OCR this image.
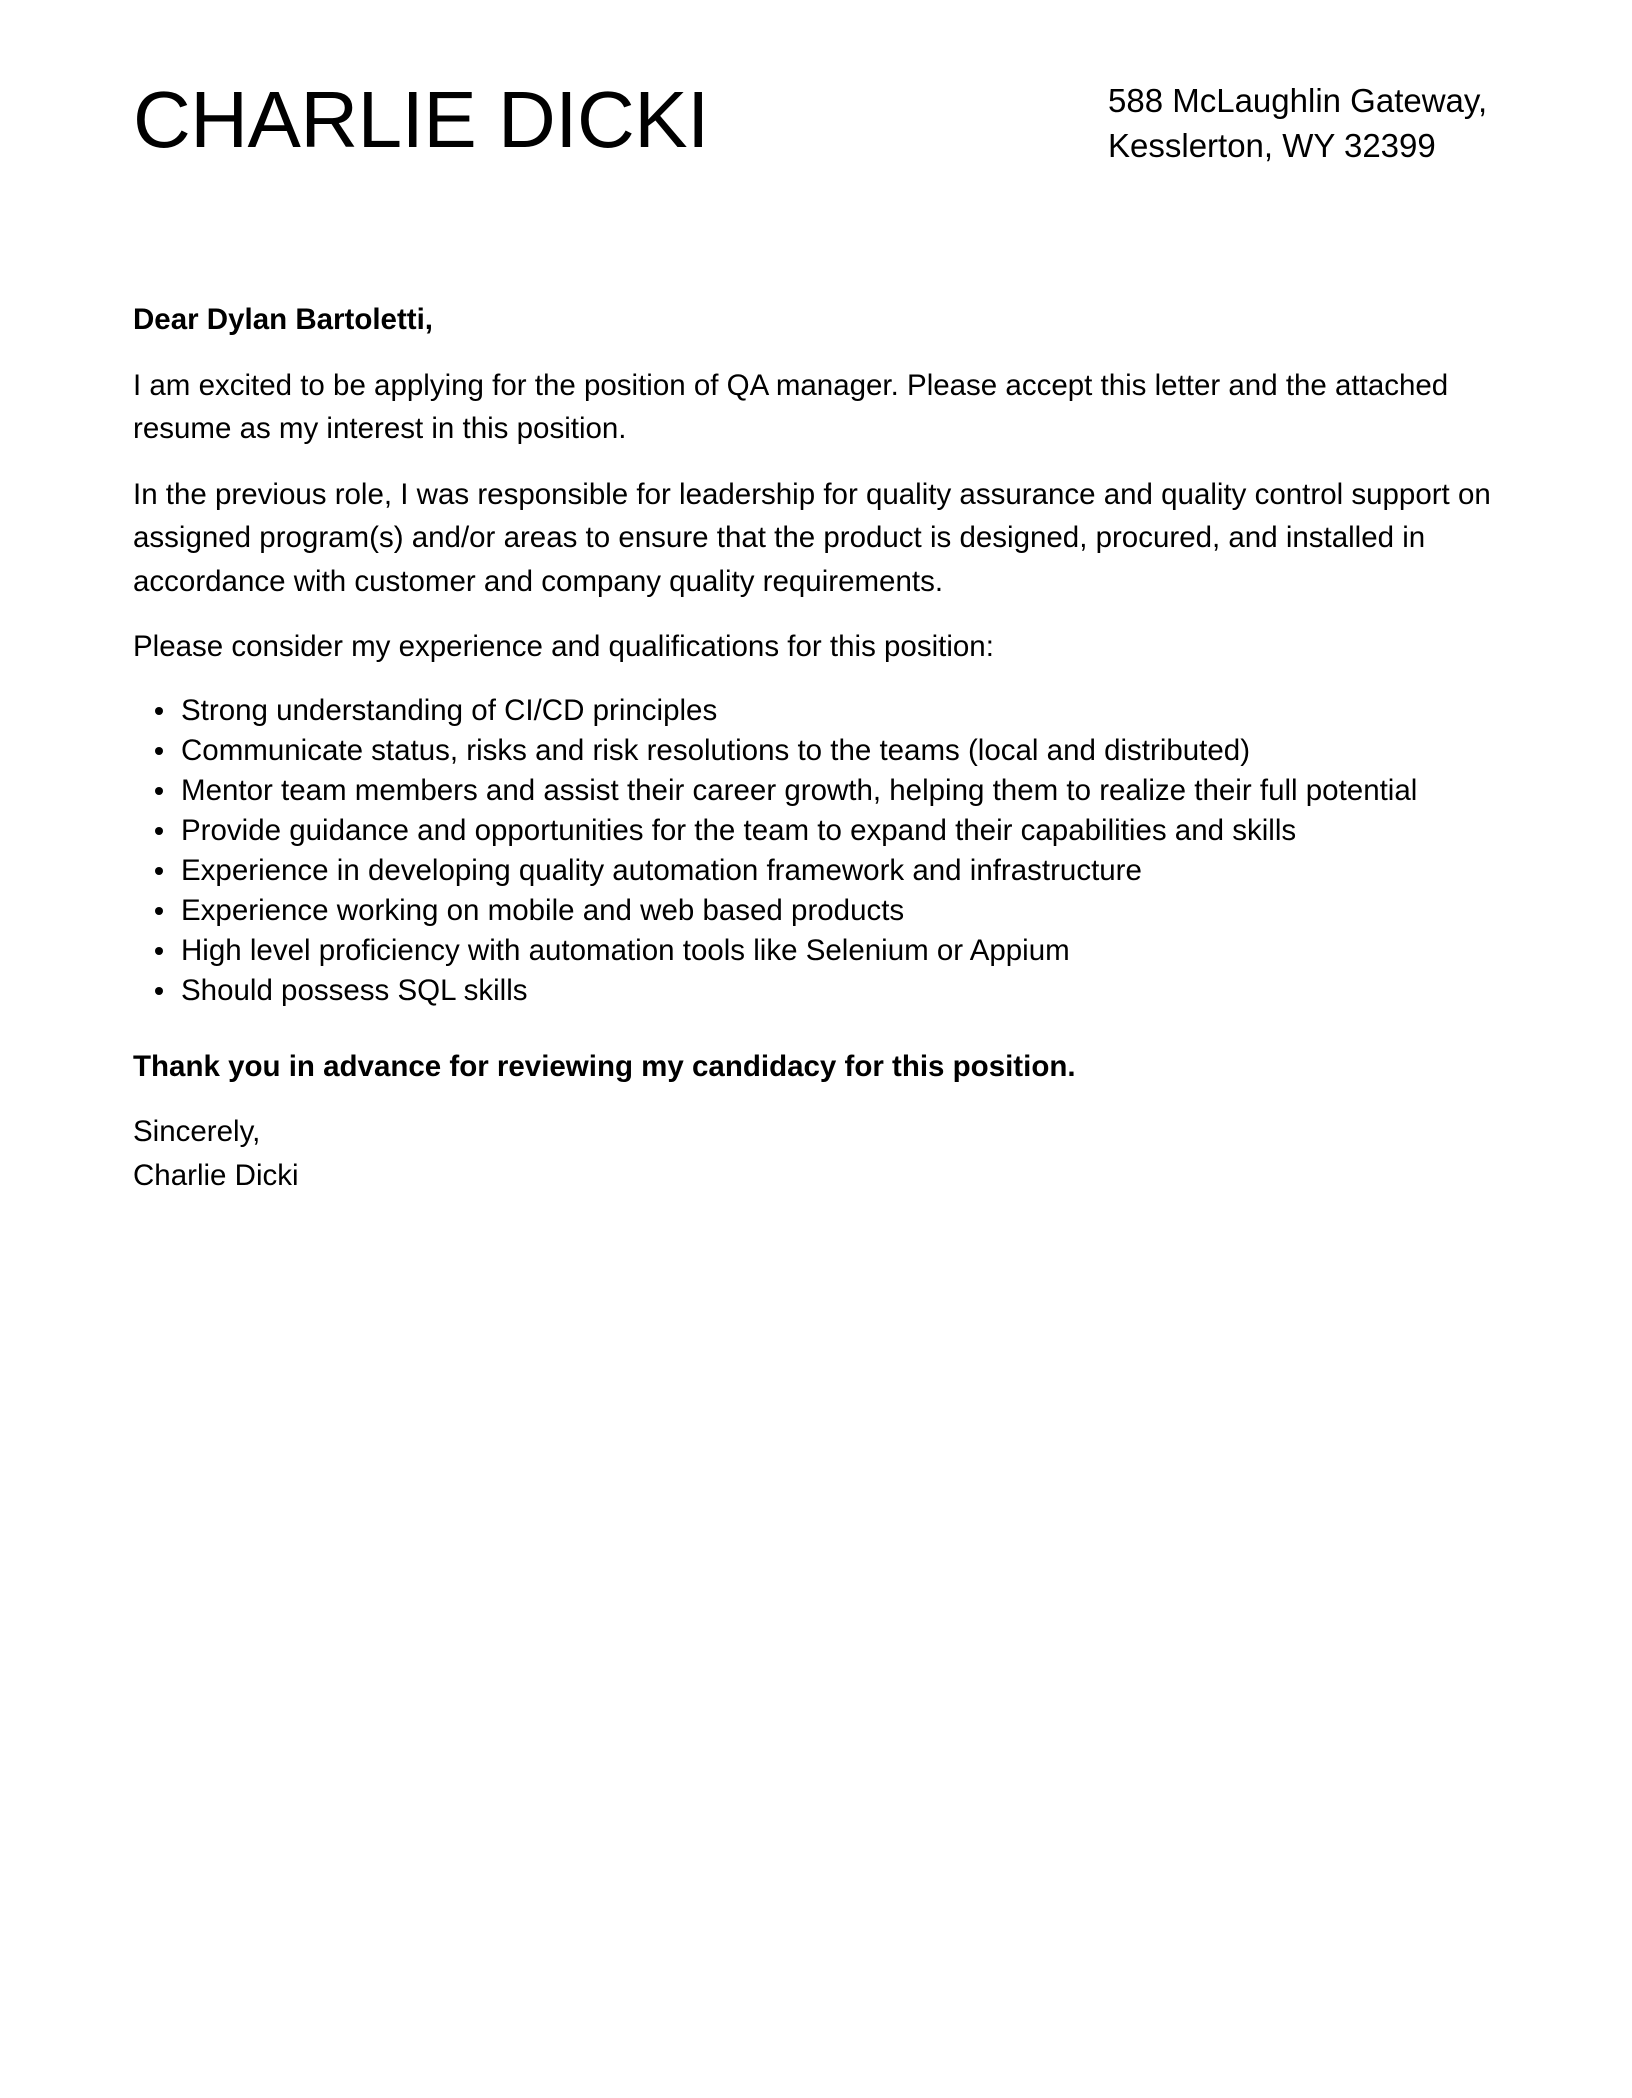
CHARLIE DICKI	588 McLaughlin Gateway,
Kesslerton, WY 32399

Dear Dylan Bartoletti,

I am excited to be applying for the position of QA manager. Please accept this letter and the attached resume as my interest in this position.

In the previous role, I was responsible for leadership for quality assurance and quality control support on assigned program(s) and/or areas to ensure that the product is designed, procured, and installed in accordance with customer and company quality requirements.

Please consider my experience and qualifications for this position:

Strong understanding of CI/CD principles
Communicate status, risks and risk resolutions to the teams (local and distributed)
Mentor team members and assist their career growth, helping them to realize their full potential
Provide guidance and opportunities for the team to expand their capabilities and skills
Experience in developing quality automation framework and infrastructure
Experience working on mobile and web based products
High level proficiency with automation tools like Selenium or Appium
Should possess SQL skills

Thank you in advance for reviewing my candidacy for this position.

Sincerely,
Charlie Dicki
